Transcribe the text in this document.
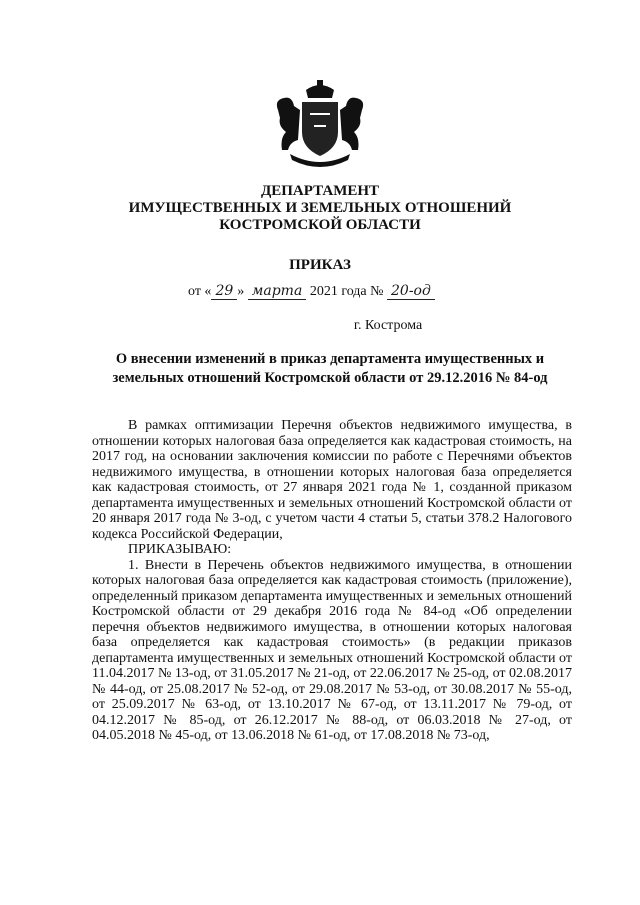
ДЕПАРТАМЕНТ
ИМУЩЕСТВЕННЫХ И ЗЕМЕЛЬНЫХ ОТНОШЕНИЙ
КОСТРОМСКОЙ ОБЛАСТИ
ПРИКАЗ
от « 29 » марта 2021 года № 20-од
г. Кострома
О внесении изменений в приказ департамента имущественных и
земельных отношений Костромской области от 29.12.2016 № 84-од

В рамках оптимизации Перечня объектов недвижимого имущества, в отношении которых налоговая база определяется как кадастровая стоимость, на 2017 год, на основании заключения комиссии по работе с Перечнями объектов недвижимого имущества, в отношении которых налоговая база определяется как кадастровая стоимость, от 27 января 2021 года № 1, созданной приказом департамента имущественных и земельных отношений Костромской области от 20 января 2017 года № 3-од, с учетом части 4 статьи 5, статьи 378.2 Налогового кодекса Российской Федерации,

ПРИКАЗЫВАЮ:

1. Внести в Перечень объектов недвижимого имущества, в отношении которых налоговая база определяется как кадастровая стоимость (приложение), определенный приказом департамента имущественных и земельных отношений Костромской области от 29 декабря 2016 года № 84-од «Об определении перечня объектов недвижимого имущества, в отношении которых налоговая база определяется как кадастровая стоимость» (в редакции приказов департамента имущественных и земельных отношений Костромской области от 11.04.2017 № 13-од, от 31.05.2017 № 21-од, от 22.06.2017 № 25-од, от 02.08.2017 № 44-од, от 25.08.2017 № 52-од, от 29.08.2017 № 53-од, от 30.08.2017 № 55-од, от 25.09.2017 № 63-од, от 13.10.2017 № 67-од, от 13.11.2017 № 79-од, от 04.12.2017 № 85-од, от 26.12.2017 № 88-од, от 06.03.2018 № 27-од, от 04.05.2018 № 45-од, от 13.06.2018 № 61-од, от 17.08.2018 № 73-од,
